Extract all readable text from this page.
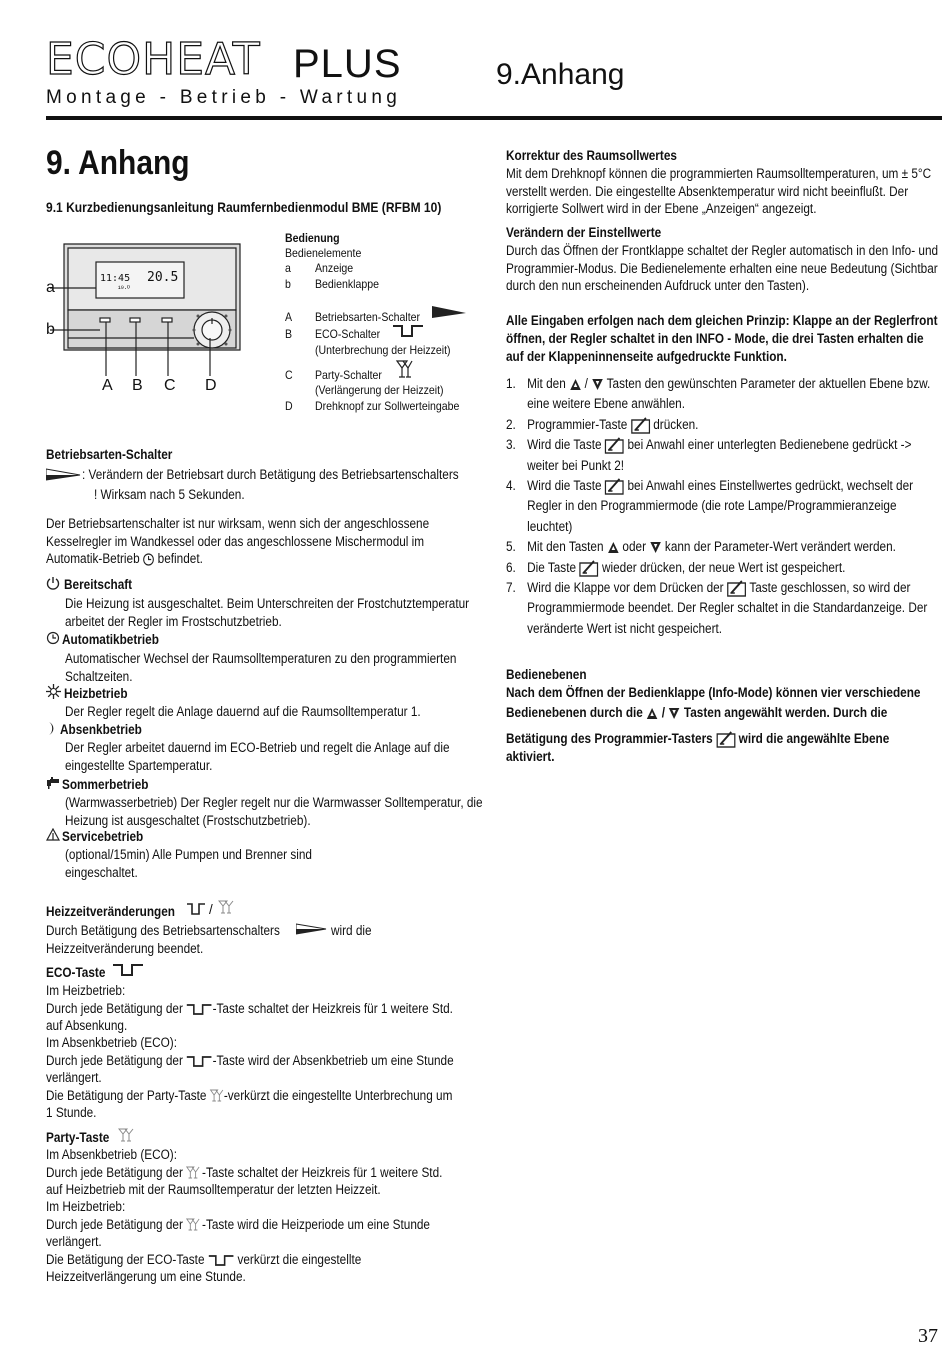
ECOHEAT PLUS
Montage - Betrieb - Wartung
9.Anhang
9. Anhang
9.1 Kurzbedienungsanleitung Raumfernbedienmodul BME (RFBM 10)
a
b
A B C D
11:45 20.5
¹⁹·⁰
Bedienung
Bedienelemente
a Anzeige
b Bedienklappe
A Betriebsarten-Schalter
B ECO-Schalter
(Unterbrechung der Heizzeit)
C Party-Schalter
(Verlängerung der Heizzeit)
D Drehknopf zur Sollwerteingabe
Betriebsarten-Schalter
: Verändern der Betriebsart durch Betätigung des Betriebsartenschalters
! Wirksam nach 5 Sekunden.
Der Betriebsartenschalter ist nur wirksam, wenn sich der angeschlossene Kesselregler im Wandkessel oder das angeschlossene Mischermodul im Automatik-Betrieb befindet.
Bereitschaft
Die Heizung ist ausgeschaltet. Beim Unterschreiten der Frostchutztemperatur arbeitet der Regler im Frostschutzbetrieb.
Automatikbetrieb
Automatischer Wechsel der Raumsolltemperaturen zu den programmierten Schaltzeiten.
Heizbetrieb
Der Regler regelt die Anlage dauernd auf die Raumsolltemperatur 1.
Absenkbetrieb
Der Regler arbeitet dauernd im ECO-Betrieb und regelt die Anlage auf die eingestellte Spartemperatur.
Sommerbetrieb
(Warmwasserbetrieb) Der Regler regelt nur die Warmwasser Solltemperatur, die Heizung ist ausgeschaltet (Frostschutzbetrieb).
Servicebetrieb
(optional/15min) Alle Pumpen und Brenner sind eingeschaltet.
Heizzeitveränderungen	/
Durch Betätigung des Betriebsartenschalters	wird die
Heizzeitveränderung beendet.
ECO-Taste
Im Heizbetrieb:
Durch jede Betätigung der -Taste schaltet der Heizkreis für 1 weitere Std.
auf Absenkung.
Im Absenkbetrieb (ECO):
Durch jede Betätigung der -Taste wird der Absenkbetrieb um eine Stunde
verlängert.
Die Betätigung der Party-Taste -verkürzt die eingestellte Unterbrechung um
1 Stunde.
Party-Taste
Im Absenkbetrieb (ECO):
Durch jede Betätigung der -Taste schaltet der Heizkreis für 1 weitere Std.
auf Heizbetrieb mit der Raumsolltemperatur der letzten Heizzeit.
Im Heizbetrieb:
Durch jede Betätigung der -Taste wird die Heizperiode um eine Stunde
verlängert.
Die Betätigung der ECO-Taste verkürzt die eingestellte
Heizzeitverlängerung um eine Stunde.
Korrektur des Raumsollwertes
Mit dem Drehknopf können die programmierten Raumsolltemperaturen, um ± 5°C verstellt werden. Die eingestellte Absenktemperatur wird nicht beeinflußt. Der korrigierte Sollwert wird in der Ebene „Anzeigen“ angezeigt.
Verändern der Einstellwerte
Durch das Öffnen der Frontklappe schaltet der Regler automatisch in den Info- und Programmier-Modus. Die Bedienelemente erhalten eine neue Bedeutung (Sichtbar durch den nun erscheinenden Aufdruck unter den Tasten).
Alle Eingaben erfolgen nach dem gleichen Prinzip: Klappe an der Reglerfront öffnen, der Regler schaltet in den INFO - Mode, die drei Tasten erhalten die auf der Klappeninnenseite aufgedruckte Funktion.
1. Mit den / Tasten den gewünschten Parameter der aktuellen Ebene bzw. eine weitere Ebene anwählen.
2. Programmier-Taste drücken.
3. Wird die Taste bei Anwahl einer unterlegten Bedienebene gedrückt -> weiter bei Punkt 2!
4. Wird die Taste bei Anwahl eines Einstellwertes gedrückt, wechselt der Regler in den Programmiermode (die rote Lampe/Programmieranzeige leuchtet)
5. Mit den Tasten oder kann der Parameter-Wert verändert werden.
6. Die Taste wieder drücken, der neue Wert ist gespeichert.
7. Wird die Klappe vor dem Drücken der Taste geschlossen, so wird der Programmiermode beendet. Der Regler schaltet in die Standardanzeige. Der veränderte Wert ist nicht gespeichert.
Bedienebenen
Nach dem Öffnen der Bedienklappe (Info-Mode) können vier verschiedene
Bedienebenen durch die / Tasten angewählt werden. Durch die
Betätigung des Programmier-Tasters wird die angewählte Ebene
aktiviert.
37
